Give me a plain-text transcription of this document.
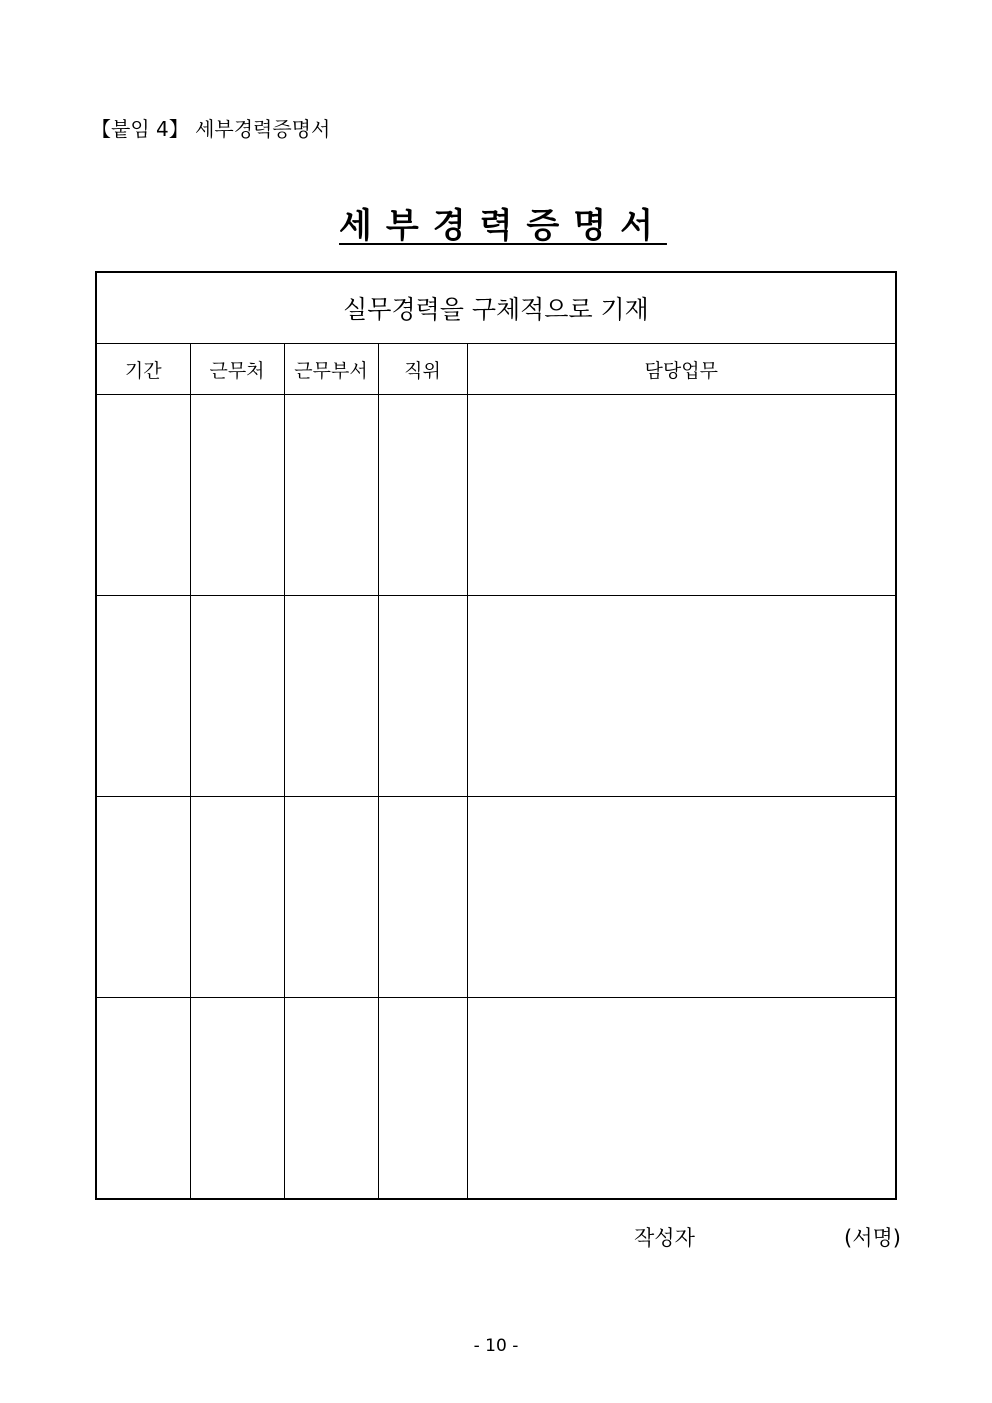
【붙임 4】 세부경력증명서
세부경력증명서
실무경력을 구체적으로 기재				
기간	근무처	근무부서	직위	담당업무

작성자	(서명)
- 10 -
